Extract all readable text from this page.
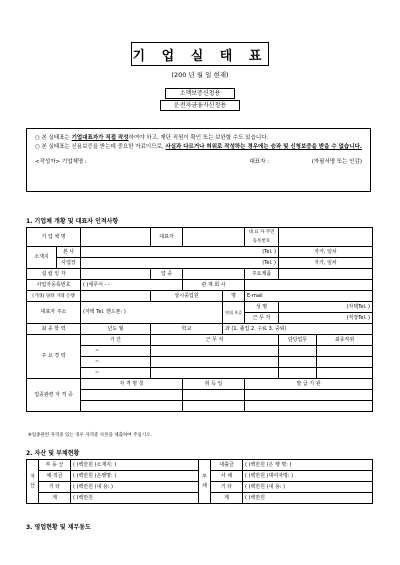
기 업 실 태 표
(200 년 월 일 현재)
소액보증신청용
운전자금융자신청용
○ 본 실태표는 기업대표자가 직접 작성하여야 하고, 재단 직원이 확인 또는 보완할 수도 있습니다.
○ 본 실태표는 신용보증을 받는데 중요한 자료이므로, 사실과 다르거나 허위로 작성하는 경우에는 승과 및 신청보증을 받을 수 없습니다.
<작성자> 기업체명 :	대표자 :	(자필서명 또는 인감)
1. 기업체 개황 및 대표자 인적사항
기 업 체 명			대표자			대 표 자 주민등록번호		
소재지	본 사	(Tel. )					자가, 임차	
	사업장	(Tel. )					자가, 임차	
설 립 일 자			업 종			주요제품		
사업자등록번호		( )세무서 - -		관 계 회 사				
(거래) 당좌 거래 은행			상시종업원		명	E-mail		
대표자 주소		(자택 Tel. 핸드폰: )			연대 보증	성 명	(자택Tel. )	
						근 무 처	(직장Tel. )	
최 종 학 력		년도 월	학교		과 (1. 졸업 2. 수료 3. 중퇴)			
주 요 경 력		기 간	근 무 처				담당업무	최종직위
		~						
		~						
		~						
업종관련 자 격 증		자 격 명 칭		취 득 일		발 급 기 관		

※업종관련 자격증 있는 경우 자격증 사본을 제출하여 주십시오.
2. 자산 및 부채현황
자 산	부 동 산	( )백만원 (소재지: )	부 채	대출금	( )백만원 (은 행 명: )
	예·적금	( )백만원 (은행명: )		사 채	( )백만원 (대여자명: )
	기 타	( )백만원 (내 용: )		기 타	( )백만원 (내 용: )
	계	( )백만원		계	( )백만원
3. 영업현황 및 재무동도
